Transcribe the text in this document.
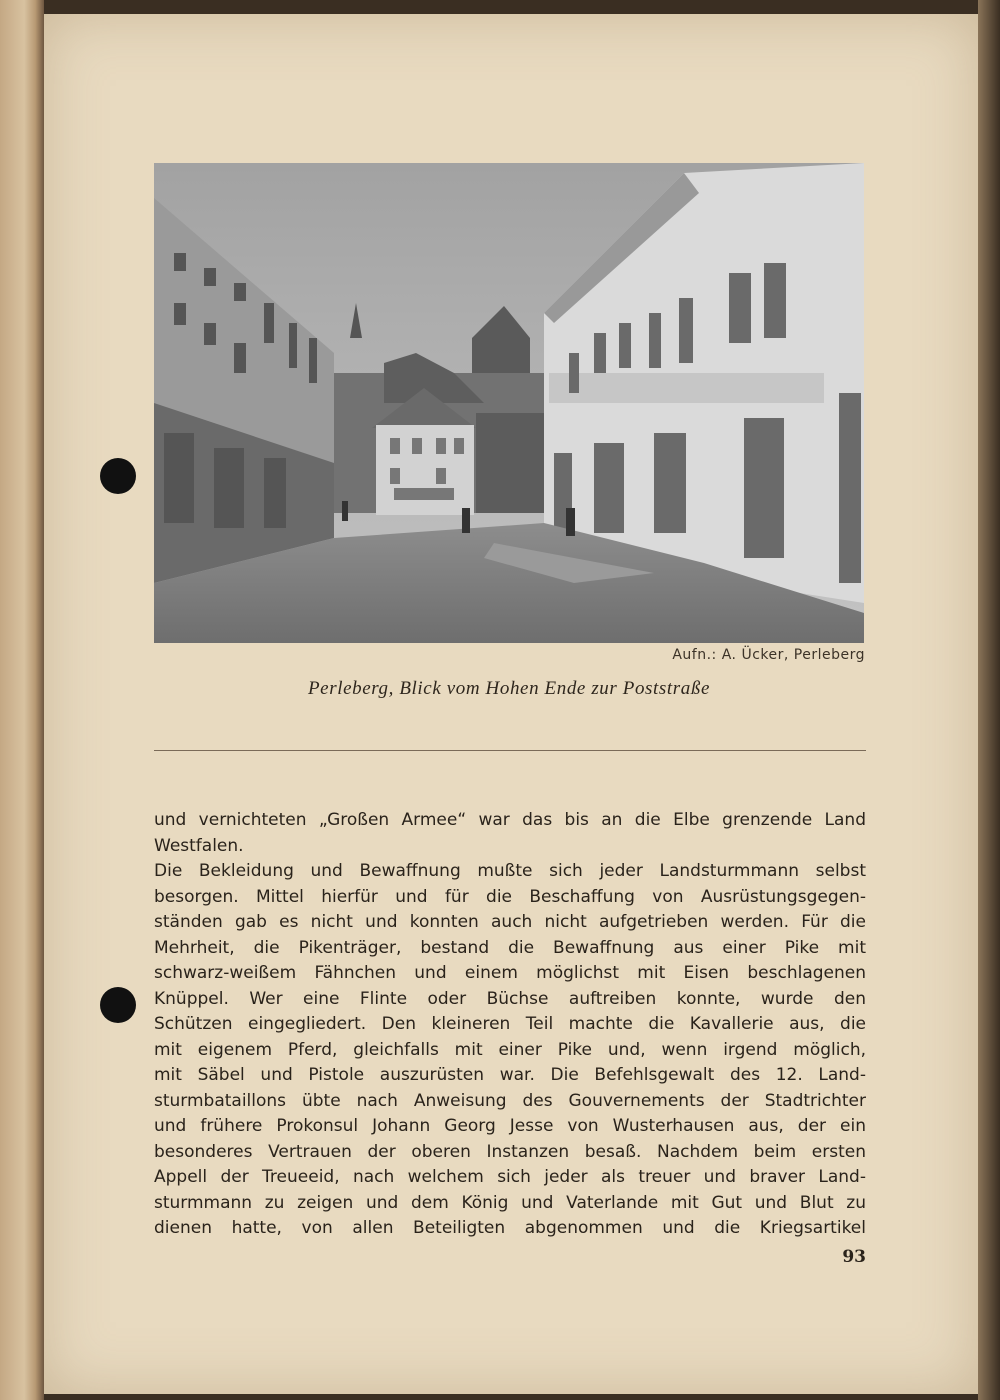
Aufn.: A. Ücker, Perleberg
Perleberg, Blick vom Hohen Ende zur Poststraße
und vernichteten „Großen Armee“ war das bis an die Elbe grenzende Land
Westfalen.
Die Bekleidung und Bewaffnung mußte sich jeder Landsturmmann selbst
besorgen. Mittel hierfür und für die Beschaffung von Ausrüstungsgegen-
ständen gab es nicht und konnten auch nicht aufgetrieben werden. Für die
Mehrheit, die Pikenträger, bestand die Bewaffnung aus einer Pike mit
schwarz-weißem Fähnchen und einem möglichst mit Eisen beschlagenen
Knüppel. Wer eine Flinte oder Büchse auftreiben konnte, wurde den
Schützen eingegliedert. Den kleineren Teil machte die Kavallerie aus, die
mit eigenem Pferd, gleichfalls mit einer Pike und, wenn irgend möglich,
mit Säbel und Pistole auszurüsten war. Die Befehlsgewalt des 12. Land-
sturmbataillons übte nach Anweisung des Gouvernements der Stadtrichter
und frühere Prokonsul Johann Georg Jesse von Wusterhausen aus, der ein
besonderes Vertrauen der oberen Instanzen besaß. Nachdem beim ersten
Appell der Treueeid, nach welchem sich jeder als treuer und braver Land-
sturmmann zu zeigen und dem König und Vaterlande mit Gut und Blut zu
dienen hatte, von allen Beteiligten abgenommen und die Kriegsartikel
93
